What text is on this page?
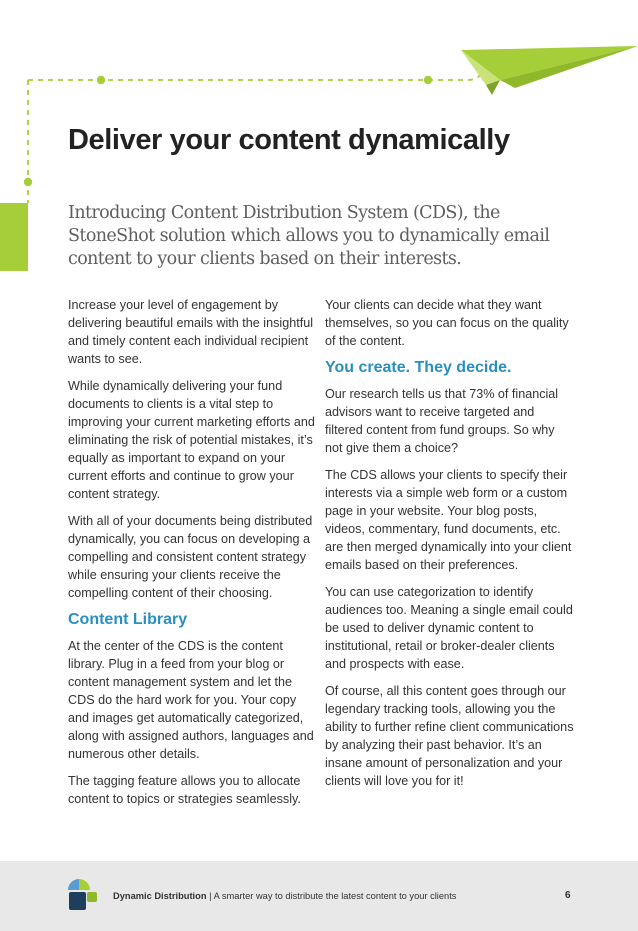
Deliver your content dynamically

Introducing Content Distribution System (CDS), the StoneShot solution which allows you to dynamically email content to your clients based on their interests.

Increase your level of engagement by delivering beautiful emails with the insightful and timely content each individual recipient wants to see.

While dynamically delivering your fund documents to clients is a vital step to improving your current marketing efforts and eliminating the risk of potential mistakes, it’s equally as important to expand on your current efforts and continue to grow your content strategy.

With all of your documents being distributed dynamically, you can focus on developing a compelling and consistent content strategy while ensuring your clients receive the compelling content of their choosing.

Content Library

At the center of the CDS is the content library. Plug in a feed from your blog or content management system and let the CDS do the hard work for you. Your copy and images get automatically categorized, along with assigned authors, languages and numerous other details.

The tagging feature allows you to allocate content to topics or strategies seamlessly.

Your clients can decide what they want themselves, so you can focus on the quality of the content.

You create. They decide.

Our research tells us that 73% of financial advisors want to receive targeted and filtered content from fund groups. So why not give them a choice?

The CDS allows your clients to specify their interests via a simple web form or a custom page in your website. Your blog posts, videos, commentary, fund documents, etc. are then merged dynamically into your client emails based on their preferences.

You can use categorization to identify audiences too. Meaning a single email could be used to deliver dynamic content to institutional, retail or broker-dealer clients and prospects with ease.

Of course, all this content goes through our legendary tracking tools, allowing you the ability to further refine client communications by analyzing their past behavior. It’s an insane amount of personalization and your clients will love you for it!

Dynamic Distribution | A smarter way to distribute the latest content to your clients	6
